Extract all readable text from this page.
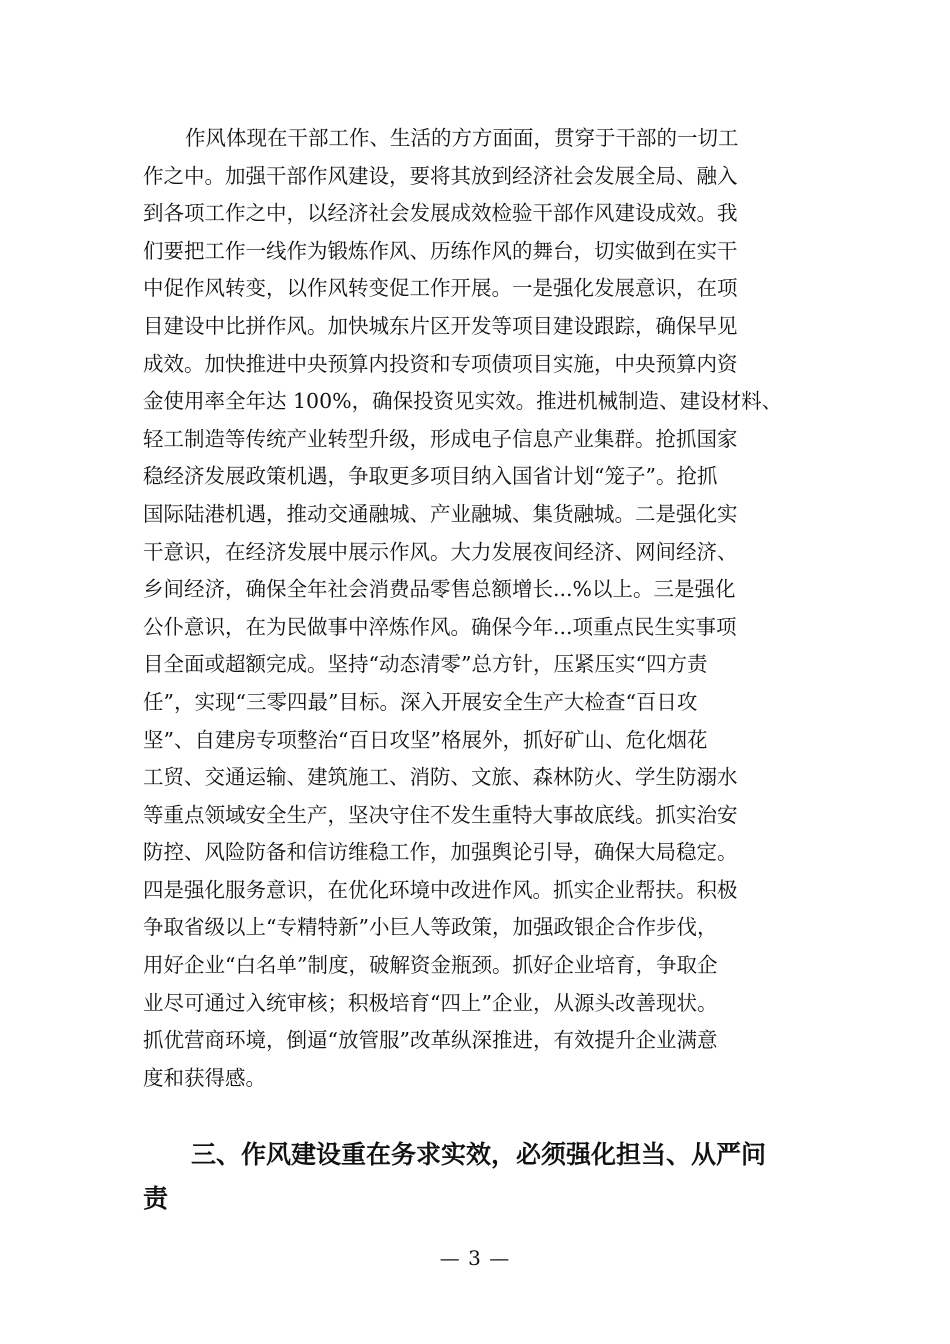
作风体现在干部工作、生活的方方面面，贯穿于干部的一切工
作之中。加强干部作风建设，要将其放到经济社会发展全局、融入
到各项工作之中，以经济社会发展成效检验干部作风建设成效。我
们要把工作一线作为锻炼作风、历练作风的舞台，切实做到在实干
中促作风转变，以作风转变促工作开展。一是强化发展意识，在项
目建设中比拼作风。加快城东片区开发等项目建设跟踪，确保早见
成效。加快推进中央预算内投资和专项债项目实施，中央预算内资
金使用率全年达 100%，确保投资见实效。推进机械制造、建设材料、
轻工制造等传统产业转型升级，形成电子信息产业集群。抢抓国家
稳经济发展政策机遇，争取更多项目纳入国省计划“笼子”。抢抓
国际陆港机遇，推动交通融城、产业融城、集货融城。二是强化实
干意识，在经济发展中展示作风。大力发展夜间经济、网间经济、
乡间经济，确保全年社会消费品零售总额增长...%以上。三是强化
公仆意识，在为民做事中淬炼作风。确保今年...项重点民生实事项
目全面或超额完成。坚持“动态清零”总方针，压紧压实“四方责
任”，实现“三零四最”目标。深入开展安全生产大检查“百日攻
坚”、自建房专项整治“百日攻坚”格展外，抓好矿山、危化烟花
工贸、交通运输、建筑施工、消防、文旅、森林防火、学生防溺水
等重点领域安全生产，坚决守住不发生重特大事故底线。抓实治安
防控、风险防备和信访维稳工作，加强舆论引导，确保大局稳定。
四是强化服务意识，在优化环境中改进作风。抓实企业帮扶。积极
争取省级以上“专精特新”小巨人等政策，加强政银企合作步伐，
用好企业“白名单”制度，破解资金瓶颈。抓好企业培育，争取企
业尽可通过入统审核；积极培育“四上”企业，从源头改善现状。
抓优营商环境，倒逼“放管服”改革纵深推进，有效提升企业满意
度和获得感。
三、作风建设重在务求实效，必须强化担当、从严问
责
— 3 —
